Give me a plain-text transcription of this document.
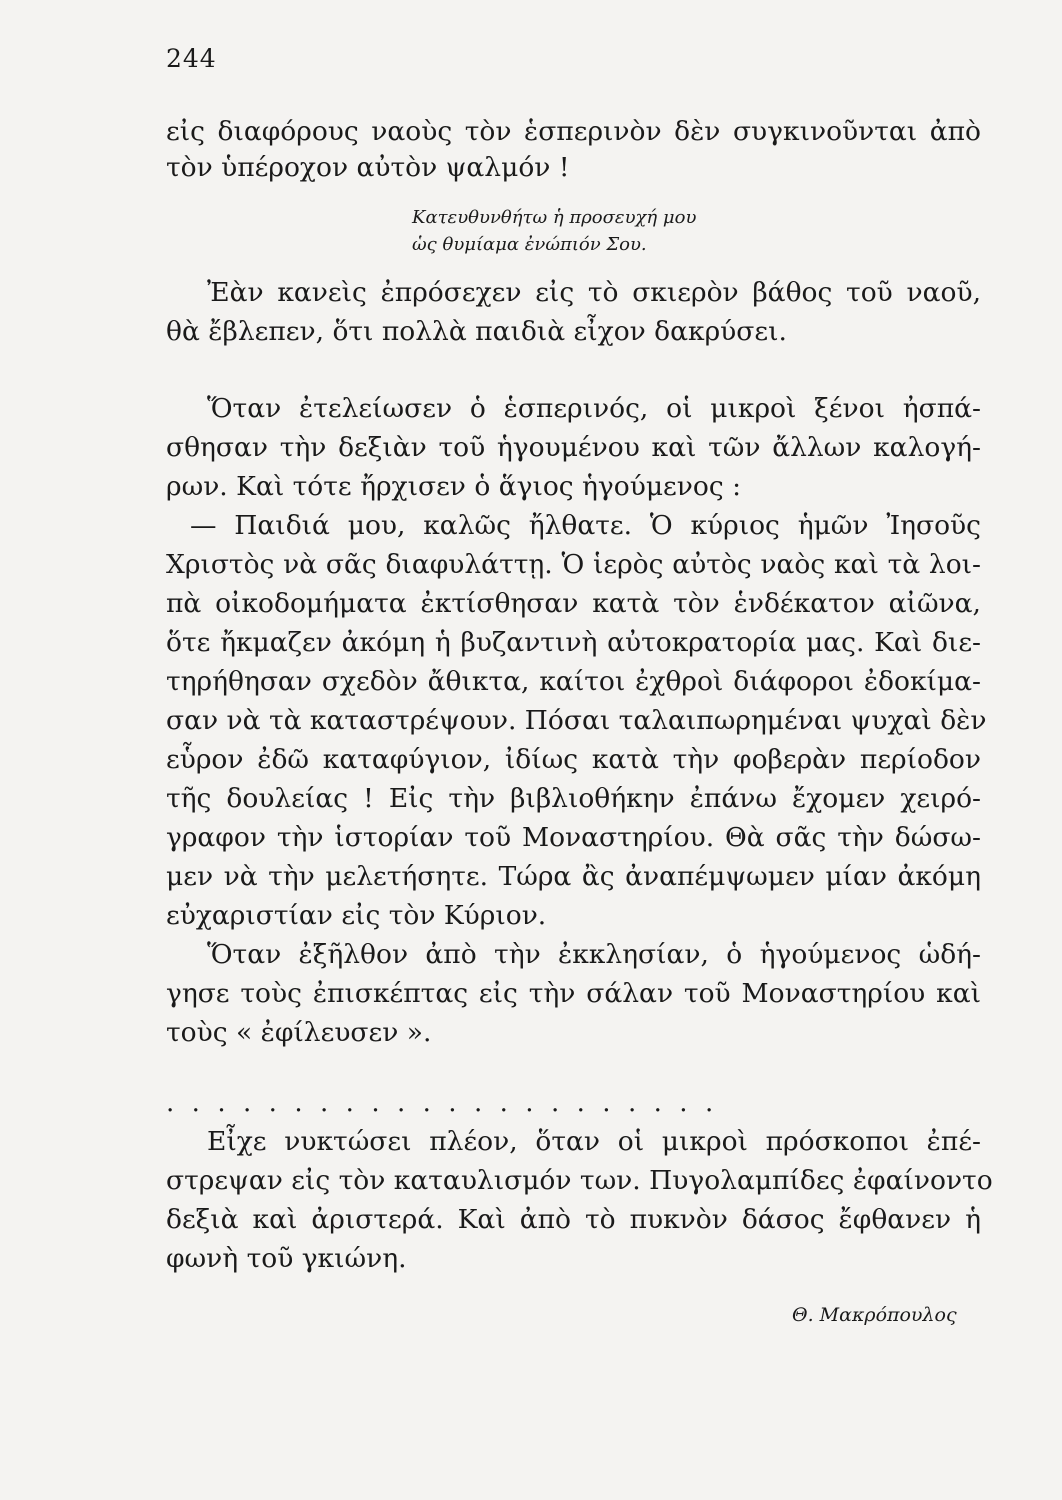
244
εἰς διαφόρους ναοὺς τὸν ἑσπερινὸν δὲν συγκινοῦνται ἀπὸ
τὸν ὑπέροχον αὐτὸν ψαλμόν !
Κατευθυνθήτω ἡ προσευχή μου
ὡς θυμίαμα ἐνώπιόν Σου.
Ἐὰν κανεὶς ἐπρόσεχεν εἰς τὸ σκιερὸν βάθος τοῦ ναοῦ,
θὰ ἔβλεπεν, ὅτι πολλὰ παιδιὰ εἶχον δακρύσει.
Ὅταν ἐτελείωσεν ὁ ἑσπερινός, οἱ μικροὶ ξένοι ἠσπά-
σθησαν τὴν δεξιὰν τοῦ ἡγουμένου καὶ τῶν ἄλλων καλογή-
ρων. Καὶ τότε ἤρχισεν ὁ ἅγιος ἡγούμενος :
— Παιδιά μου, καλῶς ἤλθατε. Ὁ κύριος ἡμῶν Ἰησοῦς
Χριστὸς νὰ σᾶς διαφυλάττῃ. Ὁ ἱερὸς αὐτὸς ναὸς καὶ τὰ λοι-
πὰ οἰκοδομήματα ἐκτίσθησαν κατὰ τὸν ἑνδέκατον αἰῶνα,
ὅτε ἤκμαζεν ἀκόμη ἡ βυζαντινὴ αὐτοκρατορία μας. Καὶ διε-
τηρήθησαν σχεδὸν ἄθικτα, καίτοι ἐχθροὶ διάφοροι ἐδοκίμα-
σαν νὰ τὰ καταστρέψουν. Πόσαι ταλαιπωρημέναι ψυχαὶ δὲν
εὗρον ἐδῶ καταφύγιον, ἰδίως κατὰ τὴν φοβερὰν περίοδον
τῆς δουλείας ! Εἰς τὴν βιβλιοθήκην ἐπάνω ἔχομεν χειρό-
γραφον τὴν ἱστορίαν τοῦ Μοναστηρίου. Θὰ σᾶς τὴν δώσω-
μεν νὰ τὴν μελετήσητε. Τώρα ἂς ἀναπέμψωμεν μίαν ἀκόμη
εὐχαριστίαν εἰς τὸν Κύριον.
Ὅταν ἐξῆλθον ἀπὸ τὴν ἐκκλησίαν, ὁ ἡγούμενος ὡδή-
γησε τοὺς ἐπισκέπτας εἰς τὴν σάλαν τοῦ Μοναστηρίου καὶ
τοὺς « ἐφίλευσεν ».
......................
Εἶχε νυκτώσει πλέον, ὅταν οἱ μικροὶ πρόσκοποι ἐπέ-
στρεψαν εἰς τὸν καταυλισμόν των. Πυγολαμπίδες ἐφαίνοντο
δεξιὰ καὶ ἀριστερά. Καὶ ἀπὸ τὸ πυκνὸν δάσος ἔφθανεν ἡ
φωνὴ τοῦ γκιώνη.
Θ. Μακρόπουλος
